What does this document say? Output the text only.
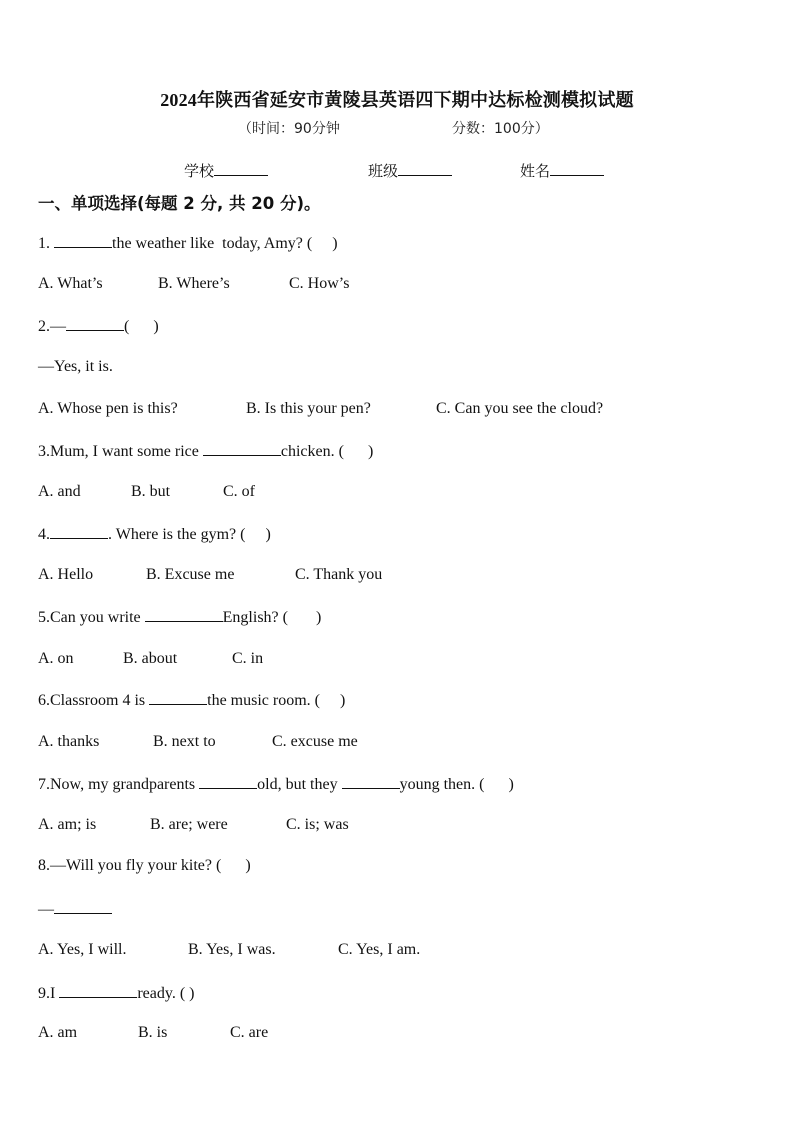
2024年陕西省延安市黄陵县英语四下期中达标检测模拟试题
（时间：90分钟	分数：100分）
学校	班级	姓名
一、单项选择(每题 2 分, 共 20 分)。
1.	the weather like  today, Amy? (     )
A. What’s	B. Where’s	C. How’s
2.—	(      )
—Yes, it is.
A. Whose pen is this?	B. Is this your pen?	C. Can you see the cloud?
3.Mum, I want some rice	chicken. (      )
A. and	B. but	C. of
4.	. Where is the gym? (     )
A. Hello	B. Excuse me	C. Thank you
5.Can you write	English? (       )
A. on	B. about	C. in
6.Classroom 4 is	the music room. (     )
A. thanks	B. next to	C. excuse me
7.Now, my grandparents	old, but they	young then. (      )
A. am; is	B. are; were	C. is; was
8.—Will you fly your kite? (      )
—
A. Yes, I will.	B. Yes, I was.	C. Yes, I am.
9.I	ready. ( )
A. am	B. is	C. are
